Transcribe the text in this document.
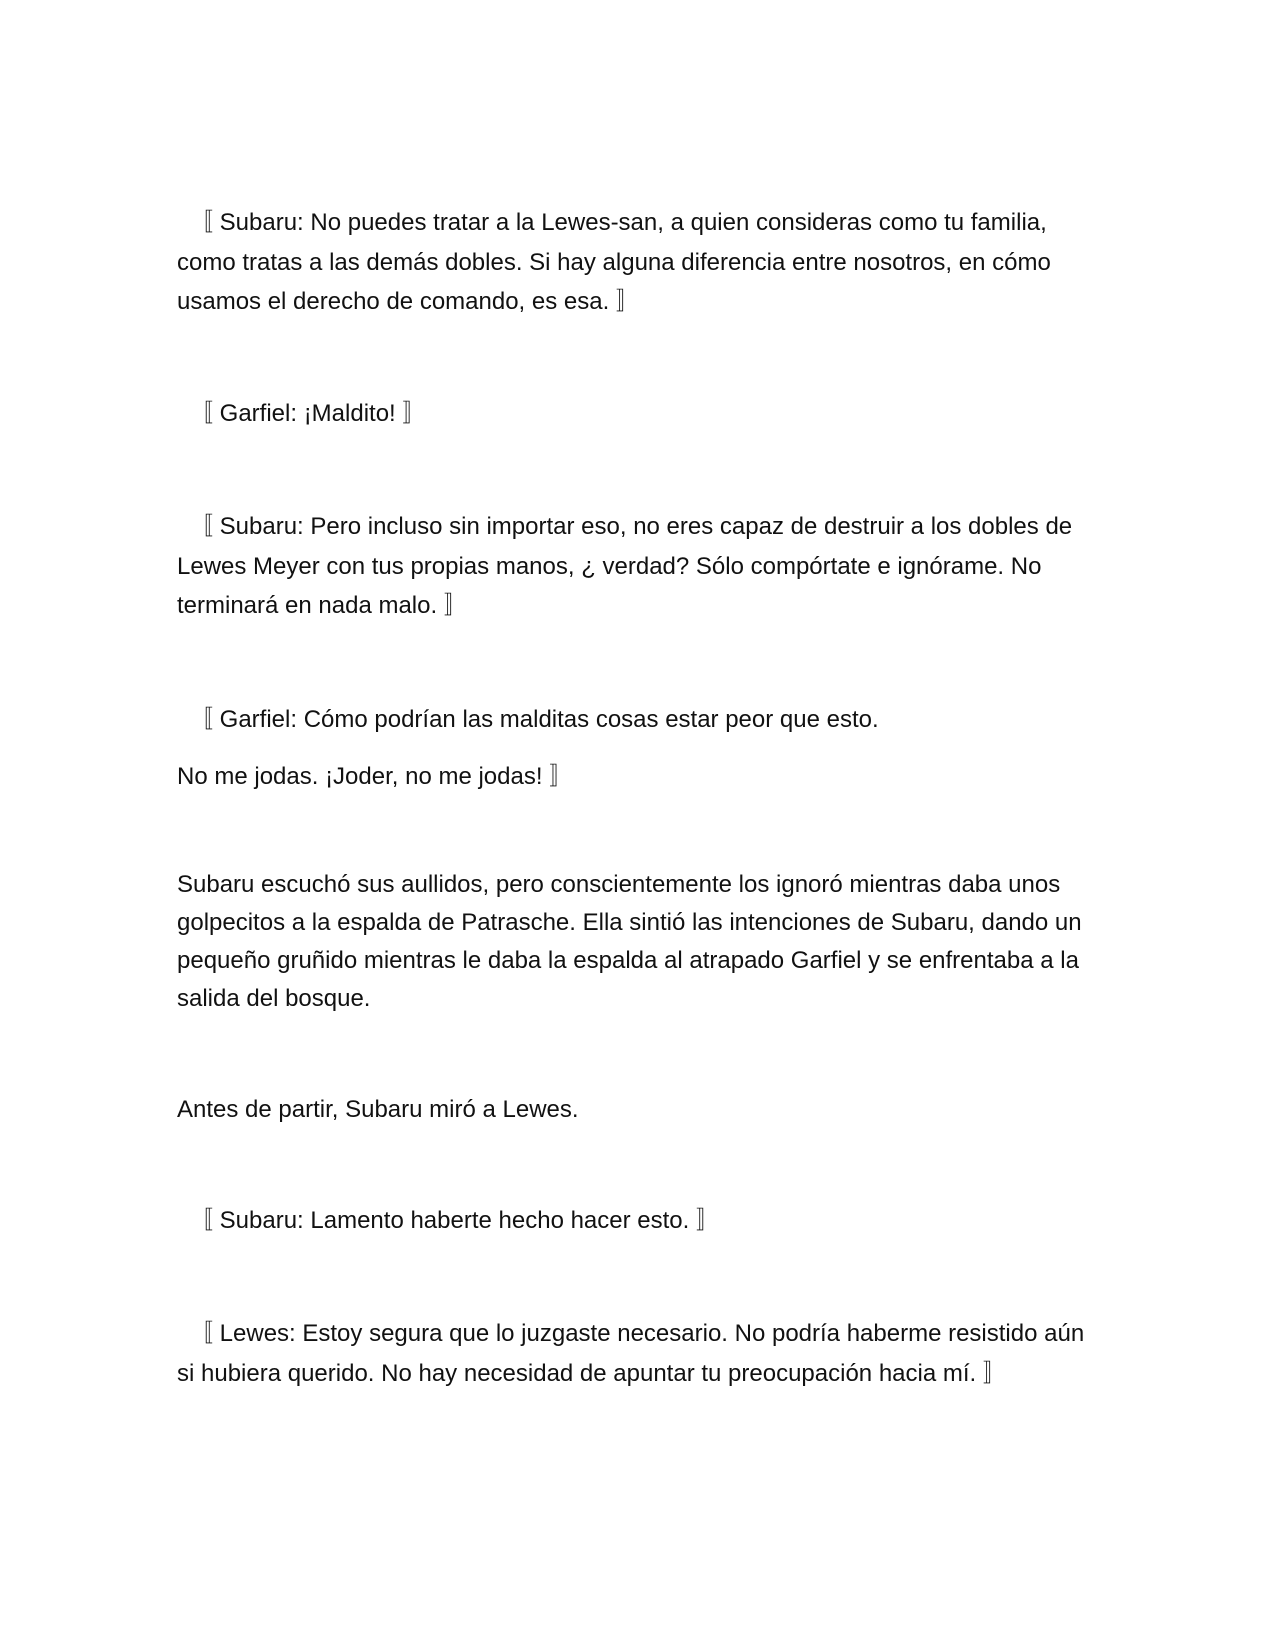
　〚 Subaru: No puedes tratar a la Lewes-san, a quien consideras como tu familia, como tratas a las demás dobles. Si hay alguna diferencia entre nosotros, en cómo usamos el derecho de comando, es esa. 〛

　〚 Garfiel: ¡Maldito! 〛

　〚 Subaru: Pero incluso sin importar eso, no eres capaz de destruir a los dobles de Lewes Meyer con tus propias manos, ¿ verdad? Sólo compórtate e ignórame. No terminará en nada malo. 〛

　〚 Garfiel: Cómo podrían las malditas cosas estar peor que esto.

No me jodas. ¡Joder, no me jodas! 〛

Subaru escuchó sus aullidos, pero conscientemente los ignoró mientras daba unos golpecitos a la espalda de Patrasche. Ella sintió las intenciones de Subaru, dando un pequeño gruñido mientras le daba la espalda al atrapado Garfiel y se enfrentaba a la salida del bosque.

Antes de partir, Subaru miró a Lewes.

　〚 Subaru: Lamento haberte hecho hacer esto. 〛

　〚 Lewes: Estoy segura que lo juzgaste necesario. No podría haberme resistido aún si hubiera querido. No hay necesidad de apuntar tu preocupación hacia mí. 〛
